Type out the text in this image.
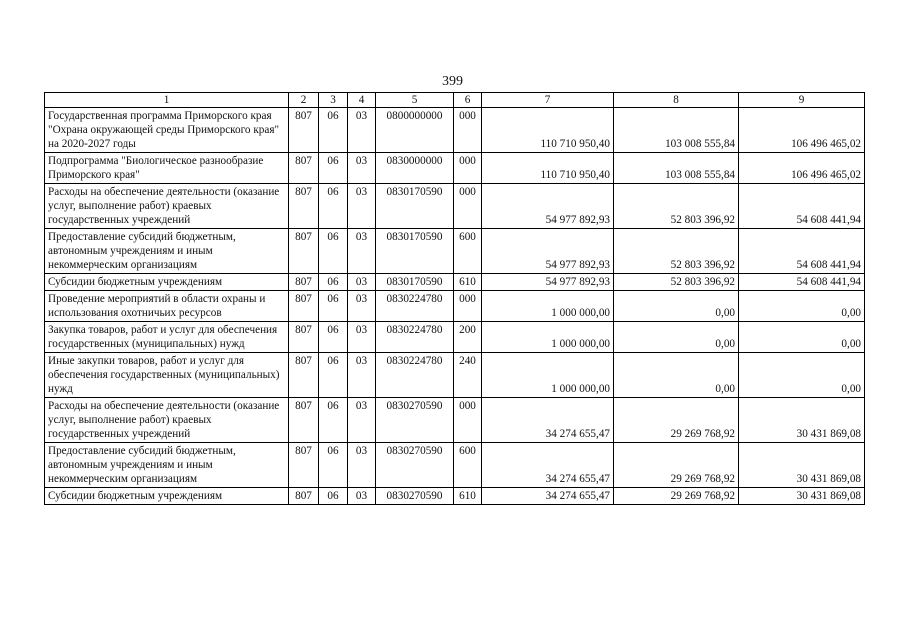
399
1	2	3	4	5	6	7	8	9
Государственная программа Приморского края "Охрана окружающей среды Приморского края" на 2020-2027 годы	807	06	03	0800000000	000	110 710 950,40	103 008 555,84	106 496 465,02
Подпрограмма "Биологическое разнообразие Приморского края"	807	06	03	0830000000	000	110 710 950,40	103 008 555,84	106 496 465,02
Расходы на обеспечение деятельности (оказание услуг, выполнение работ) краевых государственных учреждений	807	06	03	0830170590	000	54 977 892,93	52 803 396,92	54 608 441,94
Предоставление субсидий бюджетным, автономным учреждениям и иным некоммерческим организациям	807	06	03	0830170590	600	54 977 892,93	52 803 396,92	54 608 441,94
Субсидии бюджетным учреждениям	807	06	03	0830170590	610	54 977 892,93	52 803 396,92	54 608 441,94
Проведение мероприятий в области охраны и использования охотничьих ресурсов	807	06	03	0830224780	000	1 000 000,00	0,00	0,00
Закупка товаров, работ и услуг для обеспечения государственных (муниципальных) нужд	807	06	03	0830224780	200	1 000 000,00	0,00	0,00
Иные закупки товаров, работ и услуг для обеспечения государственных (муниципальных) нужд	807	06	03	0830224780	240	1 000 000,00	0,00	0,00
Расходы на обеспечение деятельности (оказание услуг, выполнение работ) краевых государственных учреждений	807	06	03	0830270590	000	34 274 655,47	29 269 768,92	30 431 869,08
Предоставление субсидий бюджетным, автономным учреждениям и иным некоммерческим организациям	807	06	03	0830270590	600	34 274 655,47	29 269 768,92	30 431 869,08
Субсидии бюджетным учреждениям	807	06	03	0830270590	610	34 274 655,47	29 269 768,92	30 431 869,08
